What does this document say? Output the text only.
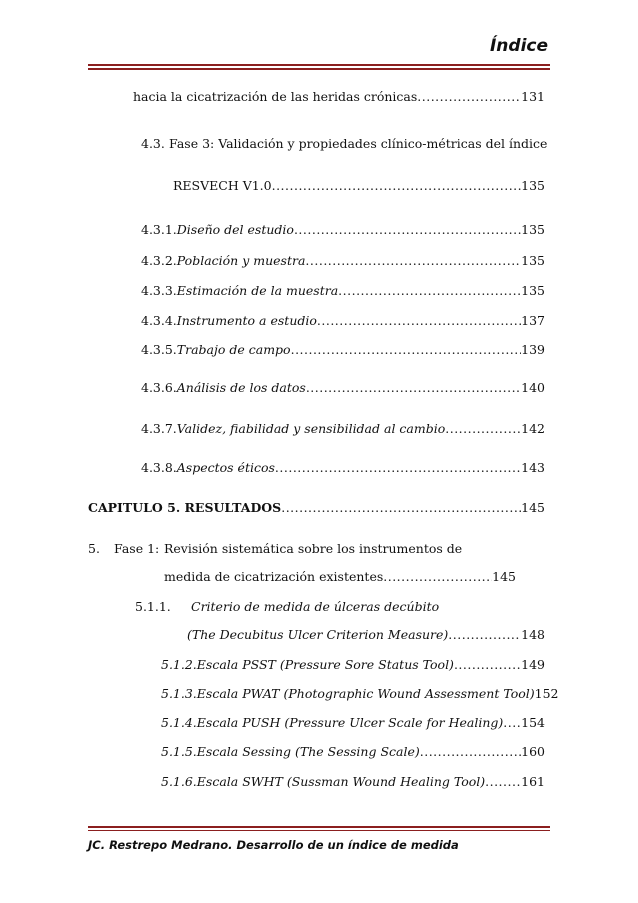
Índice
hacia la cicatrización de las heridas crónicas .....	131
4.3. Fase 3: Validación y propiedades clínico-métricas del índice
RESVECH V1.0 .....	135
4.3.1. Diseño del estudio .....	135
4.3.2. Población y muestra .....	135
4.3.3. Estimación de la muestra .....	135
4.3.4. Instrumento a estudio .....	137
4.3.5. Trabajo de campo .....	139
4.3.6. Análisis de los datos .....	140
4.3.7. Validez, fiabilidad y sensibilidad al cambio .....	142
4.3.8. Aspectos éticos .....	143
CAPITULO 5. RESULTADOS .....	145
5.	Fase 1: Revisión sistemática sobre los instrumentos de
medida de cicatrización existentes .....	145
5.1.1.	Criterio de medida de úlceras decúbito
(The Decubitus Ulcer Criterion Measure) .....	148
5.1.2.Escala PSST (Pressure Sore Status Tool) .....	149
5.1.3.Escala PWAT (Photographic Wound Assessment Tool) 152
5.1.4.Escala PUSH (Pressure Ulcer Scale for Healing) ..... 154
5.1.5.Escala Sessing (The Sessing Scale) .....	160
5.1.6.Escala SWHT (Sussman Wound Healing Tool) .....	161
JC. Restrepo Medrano. Desarrollo de un índice de medida
